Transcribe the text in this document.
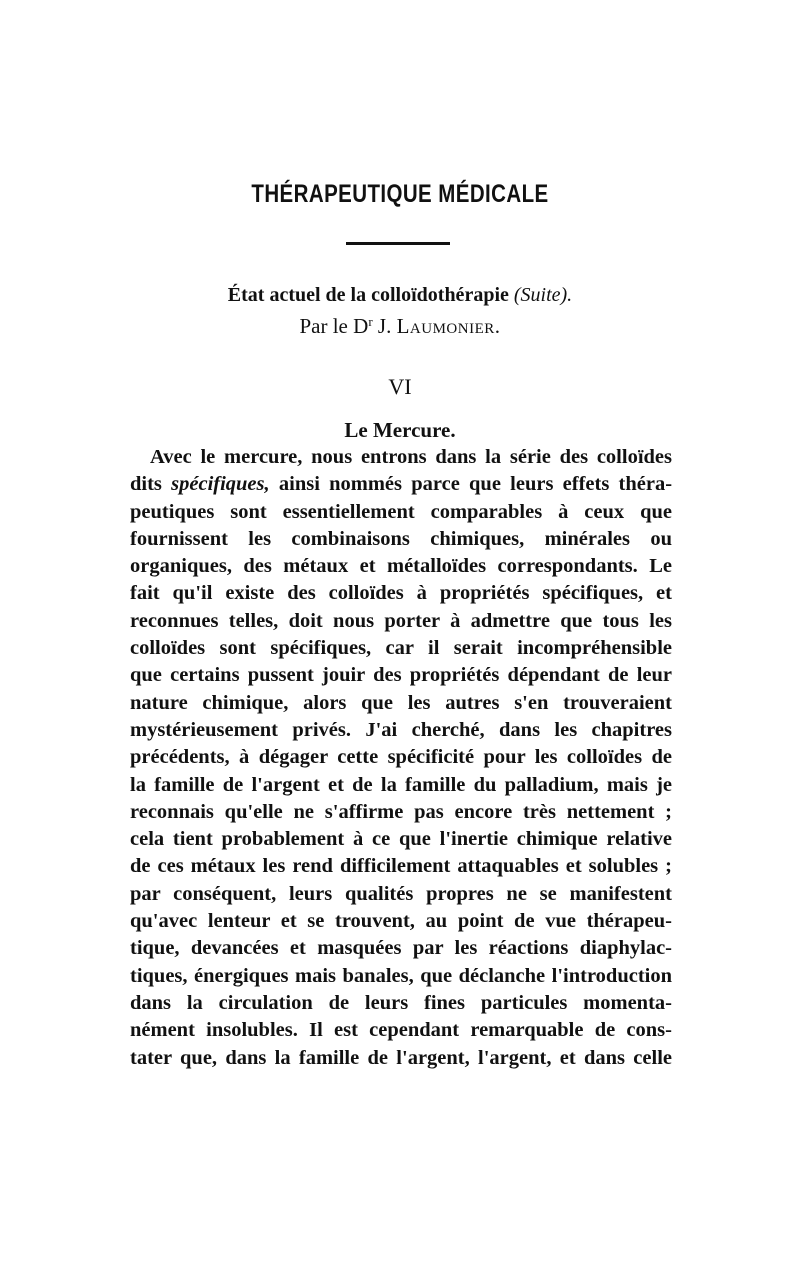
THÉRAPEUTIQUE MÉDICALE
État actuel de la colloïdothérapie (Suite).
Par le $D^r$ J. Laumonier.
VI
Le Mercure.
Avec le mercure, nous entrons dans la série des colloïdes
dits spécifiques, ainsi nommés parce que leurs effets théra-
peutiques sont essentiellement comparables à ceux que
fournissent les combinaisons chimiques, minérales ou
organiques, des métaux et métalloïdes correspondants. Le
fait qu'il existe des colloïdes à propriétés spécifiques, et
reconnues telles, doit nous porter à admettre que tous les
colloïdes sont spécifiques, car il serait incompréhensible
que certains pussent jouir des propriétés dépendant de leur
nature chimique, alors que les autres s'en trouveraient
mystérieusement privés. J'ai cherché, dans les chapitres
précédents, à dégager cette spécificité pour les colloïdes de
la famille de l'argent et de la famille du palladium, mais je
reconnais qu'elle ne s'affirme pas encore très nettement ;
cela tient probablement à ce que l'inertie chimique relative
de ces métaux les rend difficilement attaquables et solubles ;
par conséquent, leurs qualités propres ne se manifestent
qu'avec lenteur et se trouvent, au point de vue thérapeu-
tique, devancées et masquées par les réactions diaphylac-
tiques, énergiques mais banales, que déclanche l'introduction
dans la circulation de leurs fines particules momenta-
nément insolubles. Il est cependant remarquable de cons-
tater que, dans la famille de l'argent, l'argent, et dans celle
